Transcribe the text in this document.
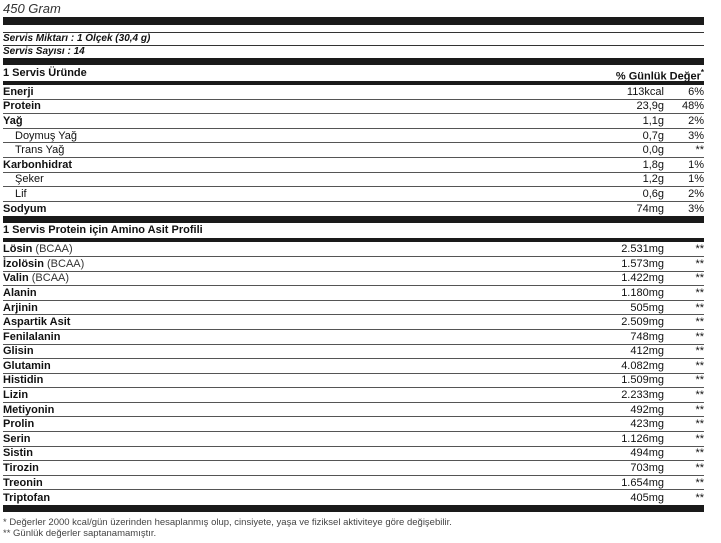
450 Gram
Servis Miktarı : 1 Ölçek (30,4 g)
Servis Sayısı : 14
1 Servis Üründe	% Günlük Değer*
Enerji	113kcal	6%
Protein	23,9g	48%
Yağ	1,1g	2%
Doymuş Yağ	0,7g	3%
Trans Yağ	0,0g	**
Karbonhidrat	1,8g	1%
Şeker	1,2g	1%
Lif	0,6g	2%
Sodyum	74mg	3%
1 Servis Protein için Amino Asit Profili
Lösin (BCAA)	2.531mg	**
İzolösin (BCAA)	1.573mg	**
Valin (BCAA)	1.422mg	**
Alanin	1.180mg	**
Arjinin	505mg	**
Aspartik Asit	2.509mg	**
Fenilalanin	748mg	**
Glisin	412mg	**
Glutamin	4.082mg	**
Histidin	1.509mg	**
Lizin	2.233mg	**
Metiyonin	492mg	**
Prolin	423mg	**
Serin	1.126mg	**
Sistin	494mg	**
Tirozin	703mg	**
Treonin	1.654mg	**
Triptofan	405mg	**
* Değerler 2000 kcal/gün üzerinden hesaplanmış olup, cinsiyete, yaşa ve fiziksel aktiviteye göre değişebilir.
** Günlük değerler saptanamamıştır.
